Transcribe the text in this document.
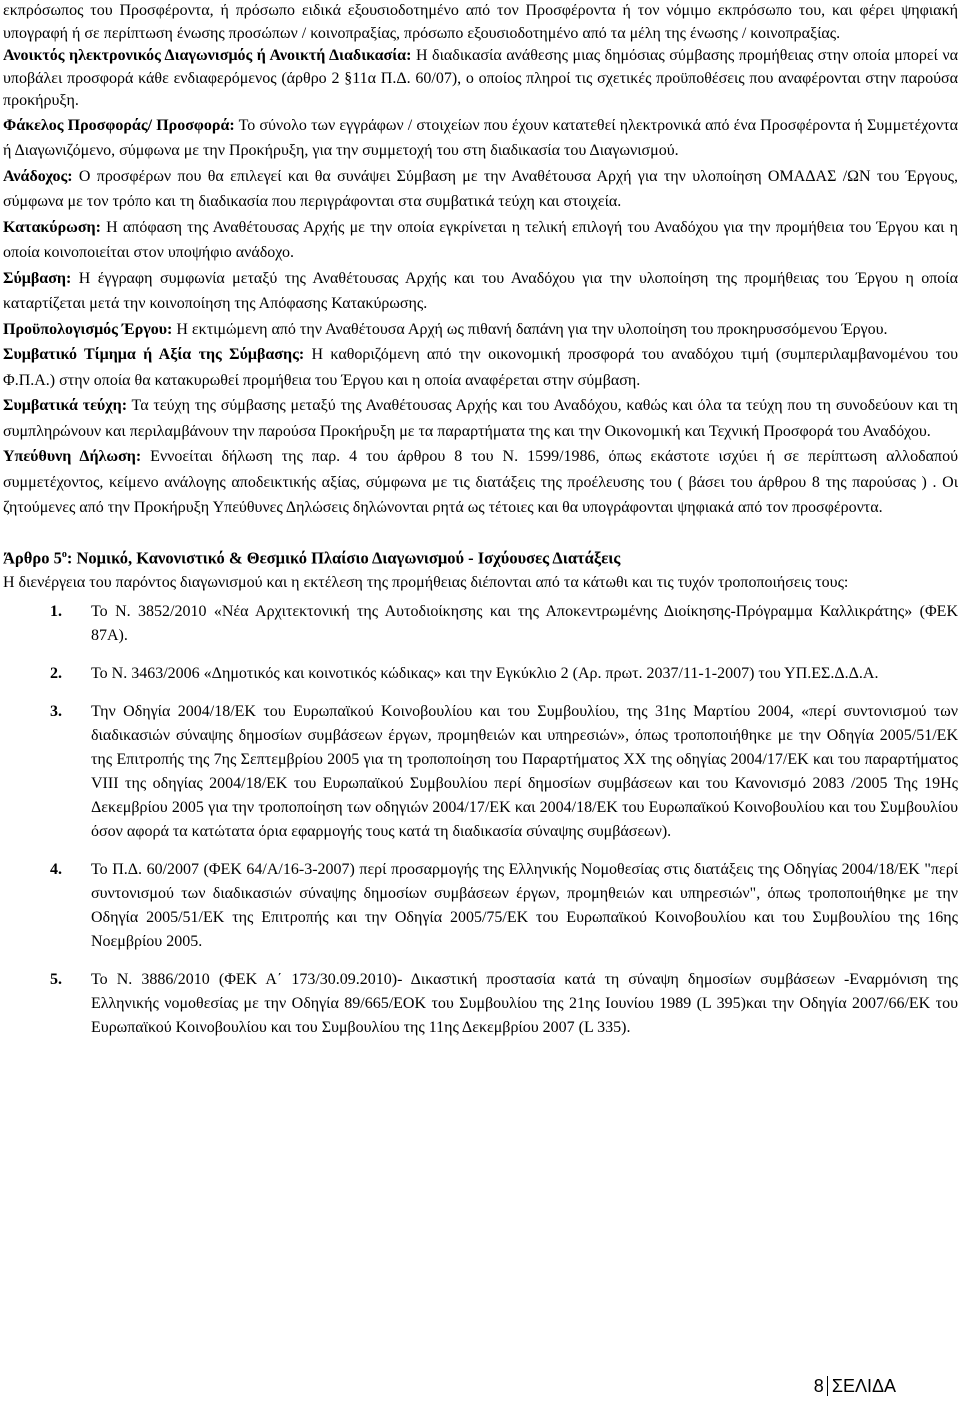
εκπρόσωπος του Προσφέροντα, ή πρόσωπο ειδικά εξουσιοδοτημένο από τον Προσφέροντα ή τον νόμιμο εκπρόσωπο του, και φέρει ψηφιακή υπογραφή ή σε περίπτωση ένωσης προσώπων / κοινοπραξίας, πρόσωπο εξουσιοδοτημένο από τα μέλη της ένωσης / κοινοπραξίας.

Ανοικτός ηλεκτρονικός Διαγωνισμός ή Ανοικτή Διαδικασία: Η διαδικασία ανάθεσης μιας δημόσιας σύμβασης προμήθειας στην οποία μπορεί να υποβάλει προσφορά κάθε ενδιαφερόμενος (άρθρο 2 §11α Π.Δ. 60/07), ο οποίος πληροί τις σχετικές προϋποθέσεις που αναφέρονται στην παρούσα προκήρυξη.

Φάκελος Προσφοράς/ Προσφορά: Το σύνολο των εγγράφων / στοιχείων που έχουν κατατεθεί ηλεκτρονικά από ένα Προσφέροντα ή Συμμετέχοντα ή Διαγωνιζόμενο, σύμφωνα με την Προκήρυξη, για την συμμετοχή του στη διαδικασία του Διαγωνισμού.

Ανάδοχος: Ο προσφέρων που θα επιλεγεί και θα συνάψει Σύμβαση με την Αναθέτουσα Αρχή για την υλοποίηση ΟΜΑΔΑΣ /ΩΝ του Έργους, σύμφωνα με τον τρόπο και τη διαδικασία που περιγράφονται στα συμβατικά τεύχη και στοιχεία.

Κατακύρωση: Η απόφαση της Αναθέτουσας Αρχής με την οποία εγκρίνεται η τελική επιλογή του Αναδόχου για την προμήθεια του Έργου και η οποία κοινοποιείται στον υποψήφιο ανάδοχο.

Σύμβαση: Η έγγραφη συμφωνία μεταξύ της Αναθέτουσας Αρχής και του Αναδόχου για την υλοποίηση της προμήθειας του Έργου η οποία καταρτίζεται μετά την κοινοποίηση της Απόφασης Κατακύρωσης.

Προϋπολογισμός Έργου: Η εκτιμώμενη από την Αναθέτουσα Αρχή ως πιθανή δαπάνη για την υλοποίηση του προκηρυσσόμενου Έργου.

Συμβατικό Τίμημα ή Αξία της Σύμβασης: Η καθοριζόμενη από την οικονομική προσφορά του αναδόχου τιμή (συμπεριλαμβανομένου του Φ.Π.Α.) στην οποία θα κατακυρωθεί προμήθεια του Έργου και η οποία αναφέρεται στην σύμβαση.

Συμβατικά τεύχη: Τα τεύχη της σύμβασης μεταξύ της Αναθέτουσας Αρχής και του Αναδόχου, καθώς και όλα τα τεύχη που τη συνοδεύουν και τη συμπληρώνουν και περιλαμβάνουν την παρούσα Προκήρυξη με τα παραρτήματα της και την Οικονομική και Τεχνική Προσφορά του Αναδόχου.

Υπεύθυνη Δήλωση: Εννοείται δήλωση της παρ. 4 του άρθρου 8 του Ν. 1599/1986, όπως εκάστοτε ισχύει ή σε περίπτωση αλλοδαπού συμμετέχοντος, κείμενο ανάλογης αποδεικτικής αξίας, σύμφωνα με τις διατάξεις της προέλευσης του ( βάσει του άρθρου 8 της παρούσας ) . Οι ζητούμενες από την Προκήρυξη Υπεύθυνες Δηλώσεις δηλώνονται ρητά ως τέτοιες και θα υπογράφονται ψηφιακά από τον προσφέροντα.

Άρθρο $5^o$: Νομικό, Κανονιστικό & Θεσμικό Πλαίσιο Διαγωνισμού - Ισχύουσες Διατάξεις

Η διενέργεια του παρόντος διαγωνισμού και η εκτέλεση της προμήθειας διέπονται από τα κάτωθι και τις τυχόν τροποποιήσεις τους:

1. Το Ν. 3852/2010 «Νέα Αρχιτεκτονική της Αυτοδιοίκησης και της Αποκεντρωμένης Διοίκησης-Πρόγραμμα Καλλικράτης» (ΦΕΚ 87Α).
2. Το Ν. 3463/2006 «Δημοτικός και κοινοτικός κώδικας» και την Εγκύκλιο 2 (Αρ. πρωτ. 2037/11-1-2007) του ΥΠ.ΕΣ.Δ.Δ.Α.
3. Την Οδηγία 2004/18/ΕΚ του Ευρωπαϊκού Κοινοβουλίου και του Συμβουλίου, της 31ης Μαρτίου 2004, «περί συντονισμού των διαδικασιών σύναψης δημοσίων συμβάσεων έργων, προμηθειών και υπηρεσιών», όπως τροποποιήθηκε με την Οδηγία 2005/51/ΕΚ της Επιτροπής της 7ης Σεπτεμβρίου 2005 για τη τροποποίηση του Παραρτήματος XX της οδηγίας 2004/17/ΕΚ και του παραρτήματος VIII της οδηγίας 2004/18/ΕΚ του Ευρωπαϊκού Συμβουλίου περί δημοσίων συμβάσεων και του Κανονισμό 2083 /2005 Της 19Ης Δεκεμβρίου 2005 για την τροποποίηση των οδηγιών 2004/17/ΕΚ και 2004/18/ΕΚ του Ευρωπαϊκού Κοινοβουλίου και του Συμβουλίου όσον αφορά τα κατώτατα όρια εφαρμογής τους κατά τη διαδικασία σύναψης συμβάσεων).
4. Το Π.Δ. 60/2007 (ΦΕΚ 64/Α/16-3-2007) περί προσαρμογής της Ελληνικής Νομοθεσίας στις διατάξεις της Οδηγίας 2004/18/ΕΚ "περί συντονισμού των διαδικασιών σύναψης δημοσίων συμβάσεων έργων, προμηθειών και υπηρεσιών", όπως τροποποιήθηκε με την Οδηγία 2005/51/ΕΚ της Επιτροπής και την Οδηγία 2005/75/ΕΚ του Ευρωπαϊκού Κοινοβουλίου και του Συμβουλίου της 16ης Νοεμβρίου 2005.
5. Το Ν. 3886/2010 (ΦΕΚ Α΄ 173/30.09.2010)- Δικαστική προστασία κατά τη σύναψη δημοσίων συμβάσεων -Εναρμόνιση της Ελληνικής νομοθεσίας με την Οδηγία 89/665/ΕΟΚ του Συμβουλίου της 21ης Ιουνίου 1989 (L 395)και την Οδηγία 2007/66/ΕΚ του Ευρωπαϊκού Κοινοβουλίου και του Συμβουλίου της 11ης Δεκεμβρίου 2007 (L 335).
8 ΣΕΛΙΔΑ
